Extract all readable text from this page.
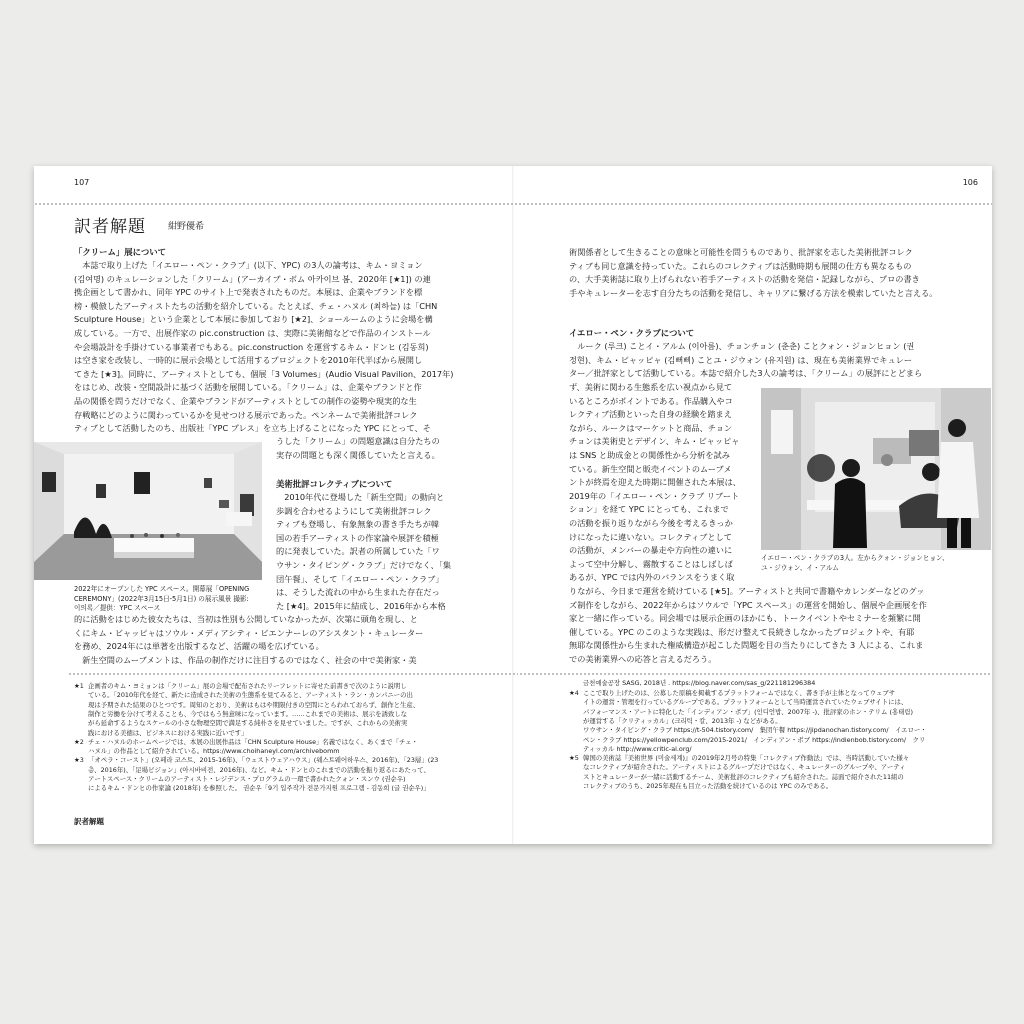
107	106
訳者解題 紺野優希
「クリーム」展について
　本誌で取り上げた「イエロー・ペン・クラブ」(以下、YPC) の3人の論考は、キム・ヨミョン
(김여명) のキュレーションした「クリーム」(アーカイブ・ボム 아카이브 봄、2020年 [★1]) の連
携企画として書かれ、同年 YPC のサイト上で発表されたものだ。本展は、企業やブランドを標
榜・模倣したアーティストたちの活動を紹介している。たとえば、チェ・ハヌル (최하늘) は「CHN
Sculpture House」という企業として本展に参加しており [★2]、ショールームのように会場を構
成している。一方で、出展作家の pic.construction は、実際に美術館などで作品のインストール
や会場設計を手掛けている事業者でもある。pic.construction を運営するキム・ドンヒ (김동희)
は空き家を改装し、一時的に展示会場として活用するプロジェクトを2010年代半ばから展開し
てきた [★3]。同時に、アーティストとしても、個展「3 Volumes」(Audio Visual Pavilion、2017年)
をはじめ、改装・空間設計に基づく活動を展開している。「クリーム」は、企業やブランドと作
品の関係を問うだけでなく、企業やブランドがアーティストとしての制作の姿勢や現実的な生
存戦略にどのように関わっているかを見せつける展示であった。ペンネームで美術批評コレク
ティブとして活動したのち、出版社「YPC プレス」を立ち上げることになった YPC にとって、そ
うした「クリーム」の問題意識は自分たちの
実存の問題とも深く関係していたと言える。
2022年にオープンした YPC スペース。開幕展「OPENING
CEREMONY」(2022年3月15日-5月1日) の展示風景 撮影:
이의록／提供：YPC スペース
美術批評コレクティブについて
　2010年代に登場した「新生空間」の動向と
歩調を合わせるようにして美術批評コレク
ティブも登場し、有象無象の書き手たちが韓
国の若手アーティストの作家論や展評を積極
的に発表していた。訳者の所属していた「ワ
ウサン・タイピング・クラブ」だけでなく、「集
団午餐」、そして「イエロー・ペン・クラブ」
は、そうした流れの中から生まれた存在だっ
た [★4]。2015年に結成し、2016年から本格
的に活動をはじめた彼女たちは、当初は性別も公開していなかったが、次第に頭角を現し、と
くにキム・ビャッピャはソウル・メディアシティ・ビエンナーレのアシスタント・キュレーター
を務め、2024年には単著を出版するなど、活躍の場を広げている。
　新生空間のムーブメントは、作品の制作だけに注目するのではなく、社会の中で美術家・美
★1 企画者のキム・ヨミョンは「クリーム」展の会場で配布されたリーフレットに寄せた前書きで次のように説明し
ている。「2010年代を経て、新たに造成された美術の生態系を見てみると、アーティスト・ラン・カンパニーの出
現は予期された結果のひとつです。周知のとおり、美術はもはや期限付きの空間にとらわれておらず、創作と生産、
制作と労働を分けて考えることも、今ではもう無意味になっています。……これまでの美術は、展示を誘致しな
がら延命するようなスケールの小さな物理空間で満足する純朴さを見せていました。ですが、これからの美術実
践における美徳は、ビジネスにおける実践に近いです」
★2 チェ・ハヌルのホームページでは、本展の出展作品は「CHN Sculpture House」名義ではなく、あくまで「チェ・
ハヌル」の作品として紹介されている。https://www.choihaneyl.com/archivebomm
★3 「オペラ・コースト」(오페라 코스트、2015-16年)、「ウェストウェアハウス」(웨스트웨어하우스、2016年)、「23層」(23
층、2016年)、「足場ビジョン」(아시바비전、2016年)、など。キム・ドンヒのこれまでの活動を振り返るにあたって、
アートスペース・クリームのアーティスト・レジデンス・プログラムの一環で書かれたクォン・スンウ (권순우)
によるキム・ドンヒの作家論 (2018年) を参照した。 권순우「9기 입주작가 전문가지원 프로그램 - 김동희 (글 권순우)」
訳者解題
術関係者として生きることの意味と可能性を問うものであり、批評家を志した美術批評コレク
ティブも同じ意識を持っていた。これらのコレクティブは活動時期も展開の仕方も異なるもの
の、大手美術誌に取り上げられない若手アーティストの活動を発信・記録しながら、プロの書き
手やキュレーターを志す自分たちの活動を発信し、キャリアに繋げる方法を模索していたと言える。
イエロー・ペン・クラブについて
　ルーク (루크) ことイ・アルム (이아름)、チョンチョン (춘춘) ことクォン・ジョンヒョン (권
정현)、キム・ビャッピャ (김뻐삐) ことユ・ジウォン (유지원) は、現在も美術業界でキュレー
ター／批評家として活動している。本誌で紹介した3人の論考は、「クリーム」の展評にとどまら
ず、美術に関わる生態系を広い視点から見て
いるところがポイントである。作品購入やコ
レクティブ活動といった自身の経験を踏まえ
ながら、ルークはマーケットと商品、チョン
チョンは美術史とデザイン、キム・ビャッピャ
は SNS と助成金との関係性から分析を試み
ている。新生空間と販売イベントのムーブメ
ントが終焉を迎えた時期に開催された本展は、
2019年の「イエロー・ペン・クラブ リブート
ション」を経て YPC にとっても、これまで
の活動を振り返りながら今後を考えるきっか
けになったに違いない。コレクティブとして
の活動が、メンバーの暴走や方向性の違いに
よって空中分解し、霧散することはしばしば
あるが、YPC では内外のバランスをうまく取
りながら、今日まで運営を続けている [★5]。アーティストと共同で書籍やカレンダーなどのグッ
ズ制作をしながら、2022年からはソウルで「YPC スペース」の運営を開始し、個展や企画展を作
家と一緒に作っている。同会場では展示企画のほかにも、トークイベントやセミナーを頻繁に開
催している。YPC のこのような実践は、形だけ整えて長続きしなかったプロジェクトや、有耶
無耶な関係性から生まれた権威構造が起こした問題を目の当たりにしてきた 3 人による、これま
での美術業界への応答と言えるだろう。
イエロー・ペン・クラブの3人。左からクォン・ジョンヒョン、
ユ・ジウォン、イ・アルム
금천예술공장 SASG, 2018년 . https://blog.naver.com/sas_g/221181296384
★4 ここで取り上げたのは、公募した原稿を掲載するプラットフォームではなく、書き手が主体となってウェブサ
イトの運営・管理を行っているグループである。プラットフォームとして当時運営されていたウェブサイトには、
パフォーマンス・アートに特化した「インディアン・ポブ」(인디언밥、2007年 -)、批評家のホン・テリム (홍태림)
が運営する「クリティッカル」(크리틱・칼、2013年 -) などがある。
ワウサン・タイピング・クラブ https://t-504.tistory.com/　集団午餐 https://jipdanochan.tistory.com/　イエロー・
ペン・クラブ https://yellowpenclub.com/2015-2021/　インディアン・ポブ https://indienbob.tistory.com/　クリ
ティッカル http://www.critic-al.org/
★5 韓国の美術誌『美術世界 (미술세계)』の2019年2月号の特集「コレクティブ作動法」では、当時活動していた様々
なコレクティブが紹介された。アーティストによるグループだけではなく、キュレーターのグループや、アーティ
ストとキュレーターが一緒に活動するチーム、美術批評のコレクティブも紹介された。誌面で紹介された11組の
コレクティブのうち、2025年現在も目立った活動を続けているのは YPC のみである。
